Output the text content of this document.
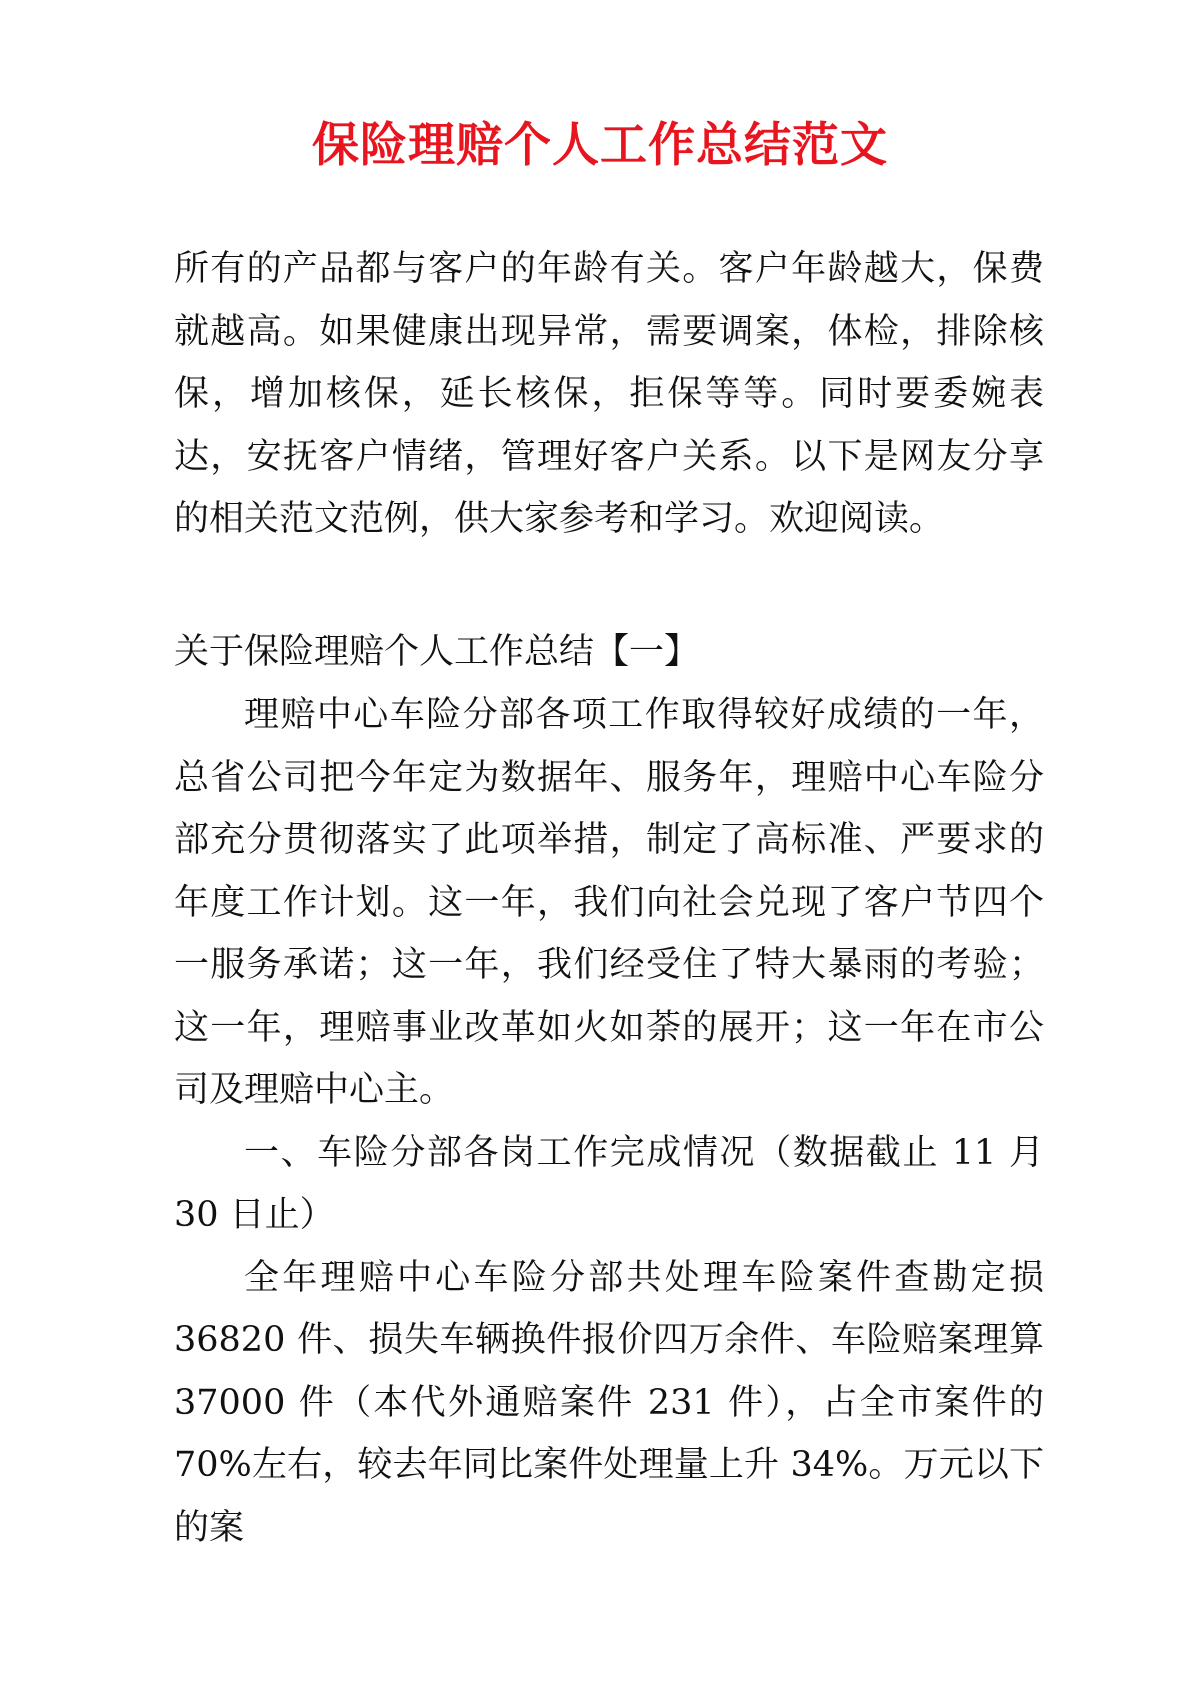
保险理赔个人工作总结范文
所有的产品都与客户的年龄有关。客户年龄越大，保费就越高。如果健康出现异常，需要调案，体检，排除核保，增加核保，延长核保，拒保等等。同时要委婉表达，安抚客户情绪，管理好客户关系。以下是网友分享的相关范文范例，供大家参考和学习。欢迎阅读。
关于保险理赔个人工作总结【一】

理赔中心车险分部各项工作取得较好成绩的一年，总省公司把今年定为数据年、服务年，理赔中心车险分部充分贯彻落实了此项举措，制定了高标准、严要求的年度工作计划。这一年，我们向社会兑现了客户节四个一服务承诺；这一年，我们经受住了特大暴雨的考验；这一年，理赔事业改革如火如荼的展开；这一年在市公司及理赔中心主。

一、车险分部各岗工作完成情况（数据截止 11 月 30 日止）

全年理赔中心车险分部共处理车险案件查勘定损 36820 件、损失车辆换件报价四万余件、车险赔案理算 37000 件（本代外通赔案件 231 件），占全市案件的 70%左右，较去年同比案件处理量上升 34%。万元以下的案
